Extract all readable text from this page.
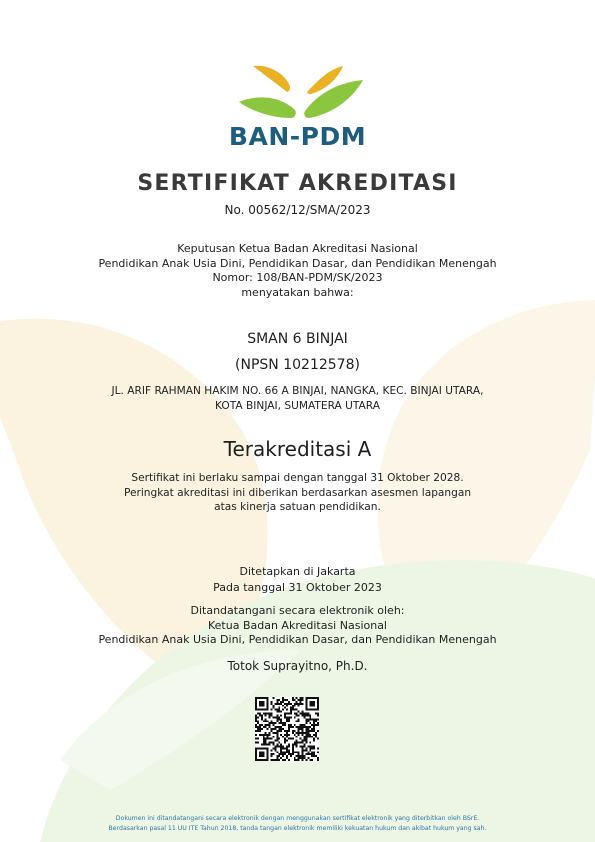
BAN-PDM
SERTIFIKAT AKREDITASI
No. 00562/12/SMA/2023
Keputusan Ketua Badan Akreditasi Nasional
Pendidikan Anak Usia Dini, Pendidikan Dasar, dan Pendidikan Menengah
Nomor: 108/BAN-PDM/SK/2023
menyatakan bahwa:
SMAN 6 BINJAI
(NPSN 10212578)
JL. ARIF RAHMAN HAKIM NO. 66 A BINJAI, NANGKA, KEC. BINJAI UTARA,
KOTA BINJAI, SUMATERA UTARA
Terakreditasi A
Sertifikat ini berlaku sampai dengan tanggal 31 Oktober 2028.
Peringkat akreditasi ini diberikan berdasarkan asesmen lapangan
atas kinerja satuan pendidikan.
Ditetapkan di Jakarta
Pada tanggal 31 Oktober 2023
Ditandatangani secara elektronik oleh:
Ketua Badan Akreditasi Nasional
Pendidikan Anak Usia Dini, Pendidikan Dasar, dan Pendidikan Menengah
Totok Suprayitno, Ph.D.
Dokumen ini ditandatangani secara elektronik dengan menggunakan sertifikat elektronik yang diterbitkan oleh BSrE.
Berdasarkan pasal 11 UU ITE Tahun 2018, tanda tangan elektronik memiliki kekuatan hukum dan akibat hukum yang sah.
